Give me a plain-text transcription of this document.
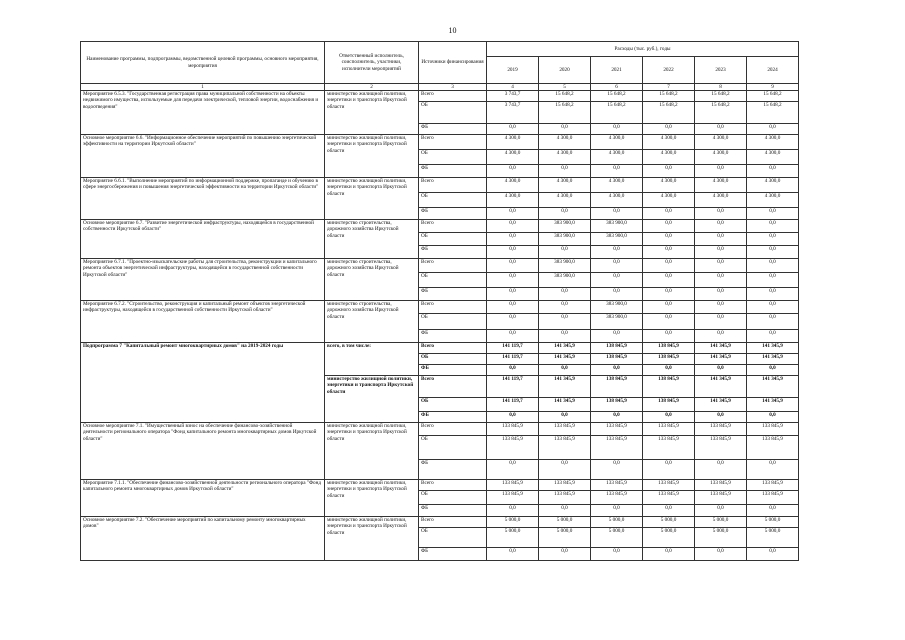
10
Наименование программы, подпрограммы, ведомственной целевой программы, основного мероприятия, мероприятия	Ответственный исполнитель, соисполнитель, участники, исполнители мероприятий	Источники финансирования	Расходы (тыс. руб.), годы					
			2019	2020	2021	2022	2023	2024
1	2	3	4	5	6	7	8	9
Мероприятие 6.5.3. "Государственная регистрация права муниципальной собственности на объекты недвижимого имущества, используемые для передачи электрической, тепловой энергии, водоснабжения и водоотведения"	министерство жилищной политики, энергетики и транспорта Иркутской области	Всего	3 743,7	15 648,2	15 648,2	15 648,2	15 648,2	15 648,2
		ОБ	3 743,7	15 648,2	15 648,2	15 648,2	15 648,2	15 648,2
		ФБ	0,0	0,0	0,0	0,0	0,0	0,0
Основное мероприятие 6.6. "Информационное обеспечение мероприятий по повышению энергетической эффективности на территории Иркутской области"	министерство жилищной политики, энергетики и транспорта Иркутской области	Всего	4 300,0	4 300,0	4 300,0	4 300,0	4 300,0	4 300,0
		ОБ	4 300,0	4 300,0	4 300,0	4 300,0	4 300,0	4 300,0
		ФБ	0,0	0,0	0,0	0,0	0,0	0,0
Мероприятие 6.6.1. "Выполнение мероприятий по информационной поддержке, пропаганде и обучению в сфере энергосбережения и повышения энергетической эффективности на территории Иркутской области"	министерство жилищной политики, энергетики и транспорта Иркутской области	Всего	4 300,0	4 300,0	4 300,0	4 300,0	4 300,0	4 300,0
		ОБ	4 300,0	4 300,0	4 300,0	4 300,0	4 300,0	4 300,0
		ФБ	0,0	0,0	0,0	0,0	0,0	0,0
Основное мероприятие 6.7. "Развитие энергетической инфраструктуры, находящейся в государственной собственности Иркутской области"	министерство строительства, дорожного хозяйства Иркутской области	Всего	0,0	383 900,0	383 900,0	0,0	0,0	0,0
		ОБ	0,0	383 900,0	383 900,0	0,0	0,0	0,0
		ФБ	0,0	0,0	0,0	0,0	0,0	0,0
Мероприятие 6.7.1. "Проектно-изыскательские работы для строительства, реконструкции и капитального ремонта объектов энергетической инфраструктуры, находящейся в государственной собственности Иркутской области"	министерство строительства, дорожного хозяйства Иркутской области	Всего	0,0	383 900,0	0,0	0,0	0,0	0,0
		ОБ	0,0	383 900,0	0,0	0,0	0,0	0,0
		ФБ	0,0	0,0	0,0	0,0	0,0	0,0
Мероприятие 6.7.2. "Строительство, реконструкция и капитальный ремонт объектов энергетической инфраструктуры, находящейся в государственной собственности Иркутской области"	министерство строительства, дорожного хозяйства Иркутской области	Всего	0,0	0,0	383 900,0	0,0	0,0	0,0
		ОБ	0,0	0,0	383 900,0	0,0	0,0	0,0
		ФБ	0,0	0,0	0,0	0,0	0,0	0,0
Подпрограмма 7 "Капитальный ремонт многоквартирных домов" на 2019-2024 годы	всего, в том числе:	Всего	141 119,7	141 345,9	138 845,9	138 845,9	141 345,9	141 345,9
		ОБ	141 119,7	141 345,9	138 845,9	138 845,9	141 345,9	141 345,9
		ФБ	0,0	0,0	0,0	0,0	0,0	0,0
	министерство жилищной политики, энергетики и транспорта Иркутской области	Всего	141 119,7	141 345,9	138 845,9	138 845,9	141 345,9	141 345,9
		ОБ	141 119,7	141 345,9	138 845,9	138 845,9	141 345,9	141 345,9
		ФБ	0,0	0,0	0,0	0,0	0,0	0,0
Основное мероприятие 7.1. "Имущественный взнос на обеспечение финансово-хозяйственной деятельности регионального оператора "Фонд капитального ремонта многоквартирных домов Иркутской области"	министерство жилищной политики, энергетики и транспорта Иркутской области	Всего	133 845,9	133 845,9	133 845,9	133 845,9	133 845,9	133 845,9
		ОБ	133 845,9	133 845,9	133 845,9	133 845,9	133 845,9	133 845,9
		ФБ	0,0	0,0	0,0	0,0	0,0	0,0
Мероприятие 7.1.1. "Обеспечение финансово-хозяйственной деятельности регионального оператора "Фонд капитального ремонта многоквартирных домов Иркутской области"	министерство жилищной политики, энергетики и транспорта Иркутской области	Всего	133 845,9	133 845,9	133 845,9	133 845,9	133 845,9	133 845,9
		ОБ	133 845,9	133 845,9	133 845,9	133 845,9	133 845,9	133 845,9
		ФБ	0,0	0,0	0,0	0,0	0,0	0,0
Основное мероприятие 7.2. "Обеспечение мероприятий по капитальному ремонту многоквартирных домов"	министерство жилищной политики, энергетики и транспорта Иркутской области	Всего	5 000,0	5 000,0	5 000,0	5 000,0	5 000,0	5 000,0
		ОБ	5 000,0	5 000,0	5 000,0	5 000,0	5 000,0	5 000,0
		ФБ	0,0	0,0	0,0	0,0	0,0	0,0
